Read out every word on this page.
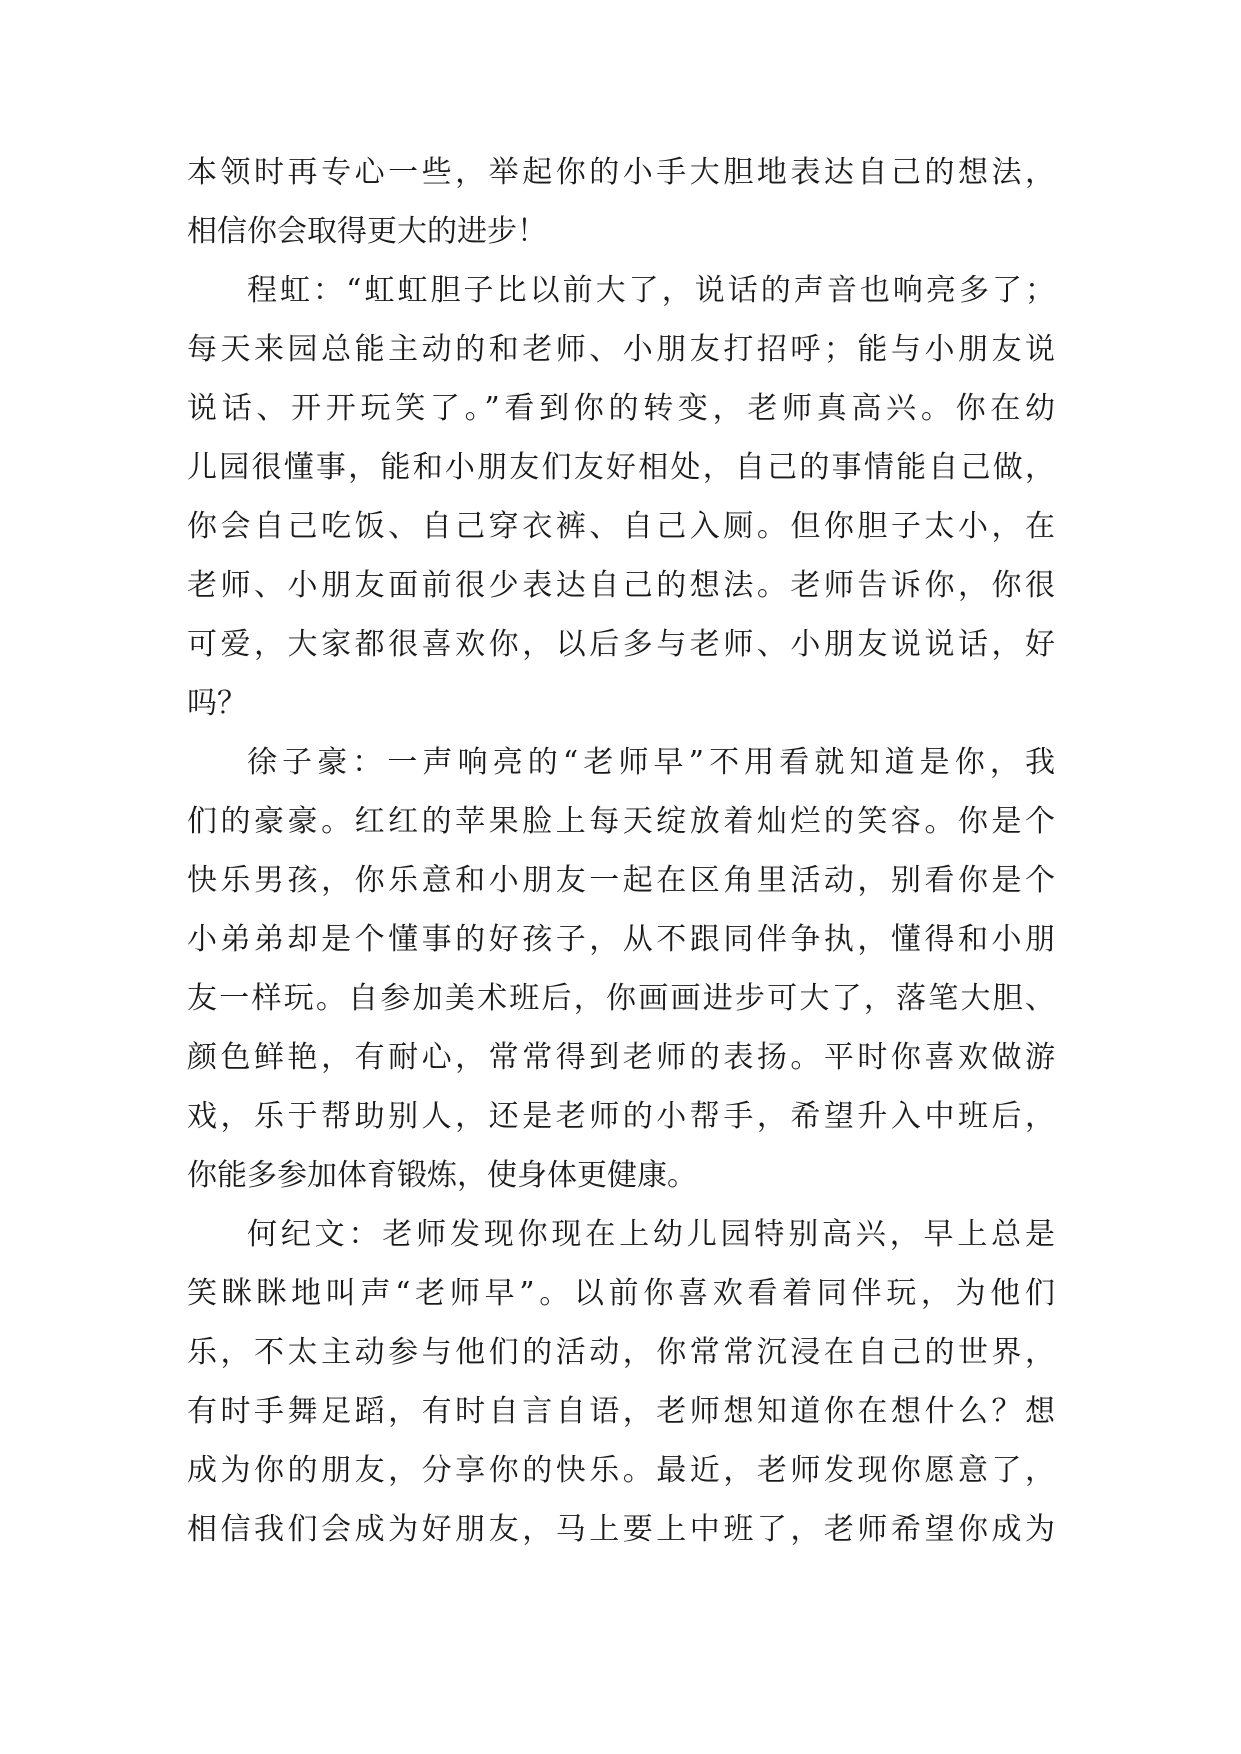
本领时再专心一些，举起你的小手大胆地表达自己的想法，
相信你会取得更大的进步！
程虹：“虹虹胆子比以前大了，说话的声音也响亮多了；
每天来园总能主动的和老师、小朋友打招呼；能与小朋友说
说话、开开玩笑了。”看到你的转变，老师真高兴。你在幼
儿园很懂事，能和小朋友们友好相处，自己的事情能自己做，
你会自己吃饭、自己穿衣裤、自己入厕。但你胆子太小，在
老师、小朋友面前很少表达自己的想法。老师告诉你，你很
可爱，大家都很喜欢你，以后多与老师、小朋友说说话，好
吗？
徐子豪：一声响亮的“老师早”不用看就知道是你，我
们的豪豪。红红的苹果脸上每天绽放着灿烂的笑容。你是个
快乐男孩，你乐意和小朋友一起在区角里活动，别看你是个
小弟弟却是个懂事的好孩子，从不跟同伴争执，懂得和小朋
友一样玩。自参加美术班后，你画画进步可大了，落笔大胆、
颜色鲜艳，有耐心，常常得到老师的表扬。平时你喜欢做游
戏，乐于帮助别人，还是老师的小帮手，希望升入中班后，
你能多参加体育锻炼，使身体更健康。
何纪文：老师发现你现在上幼儿园特别高兴，早上总是
笑眯眯地叫声“老师早”。以前你喜欢看着同伴玩，为他们
乐，不太主动参与他们的活动，你常常沉浸在自己的世界，
有时手舞足蹈，有时自言自语，老师想知道你在想什么？想
成为你的朋友，分享你的快乐。最近，老师发现你愿意了，
相信我们会成为好朋友，马上要上中班了，老师希望你成为
